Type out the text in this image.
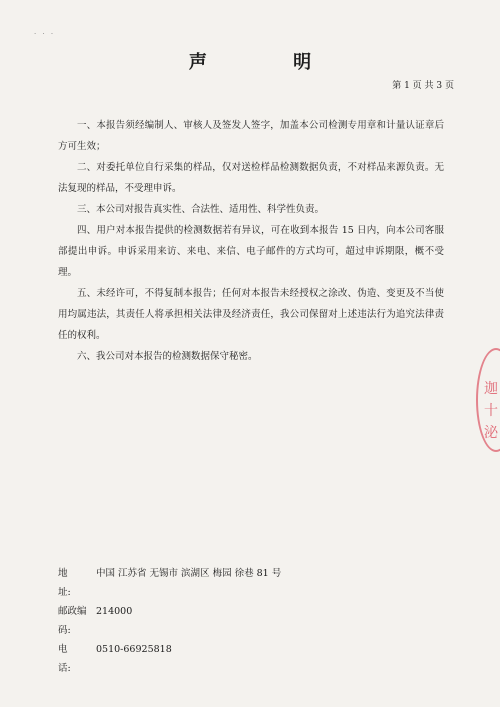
· · ·
声 明
第 1 页 共 3 页

一、本报告须经编制人、审核人及签发人签字，加盖本公司检测专用章和计量认证章后方可生效；

二、对委托单位自行采集的样品，仅对送检样品检测数据负责，不对样品来源负责。无法复现的样品，不受理申诉。

三、本公司对报告真实性、合法性、适用性、科学性负责。

四、用户对本报告提供的检测数据若有异议，可在收到本报告 15 日内，向本公司客服部提出申诉。申诉采用来访、来电、来信、电子邮件的方式均可，超过申诉期限，概不受理。

五、未经许可，不得复制本报告；任何对本报告未经授权之涂改、伪造、变更及不当使用均属违法，其责任人将承担相关法律及经济责任，我公司保留对上述违法行为追究法律责任的权利。

六、我公司对本报告的检测数据保守秘密。

迦
十
泌
地　　址:
中国 江苏省 无锡市 滨湖区 梅园 徐巷 81 号
邮政编码:
214000
电　　话:
0510-66925818
